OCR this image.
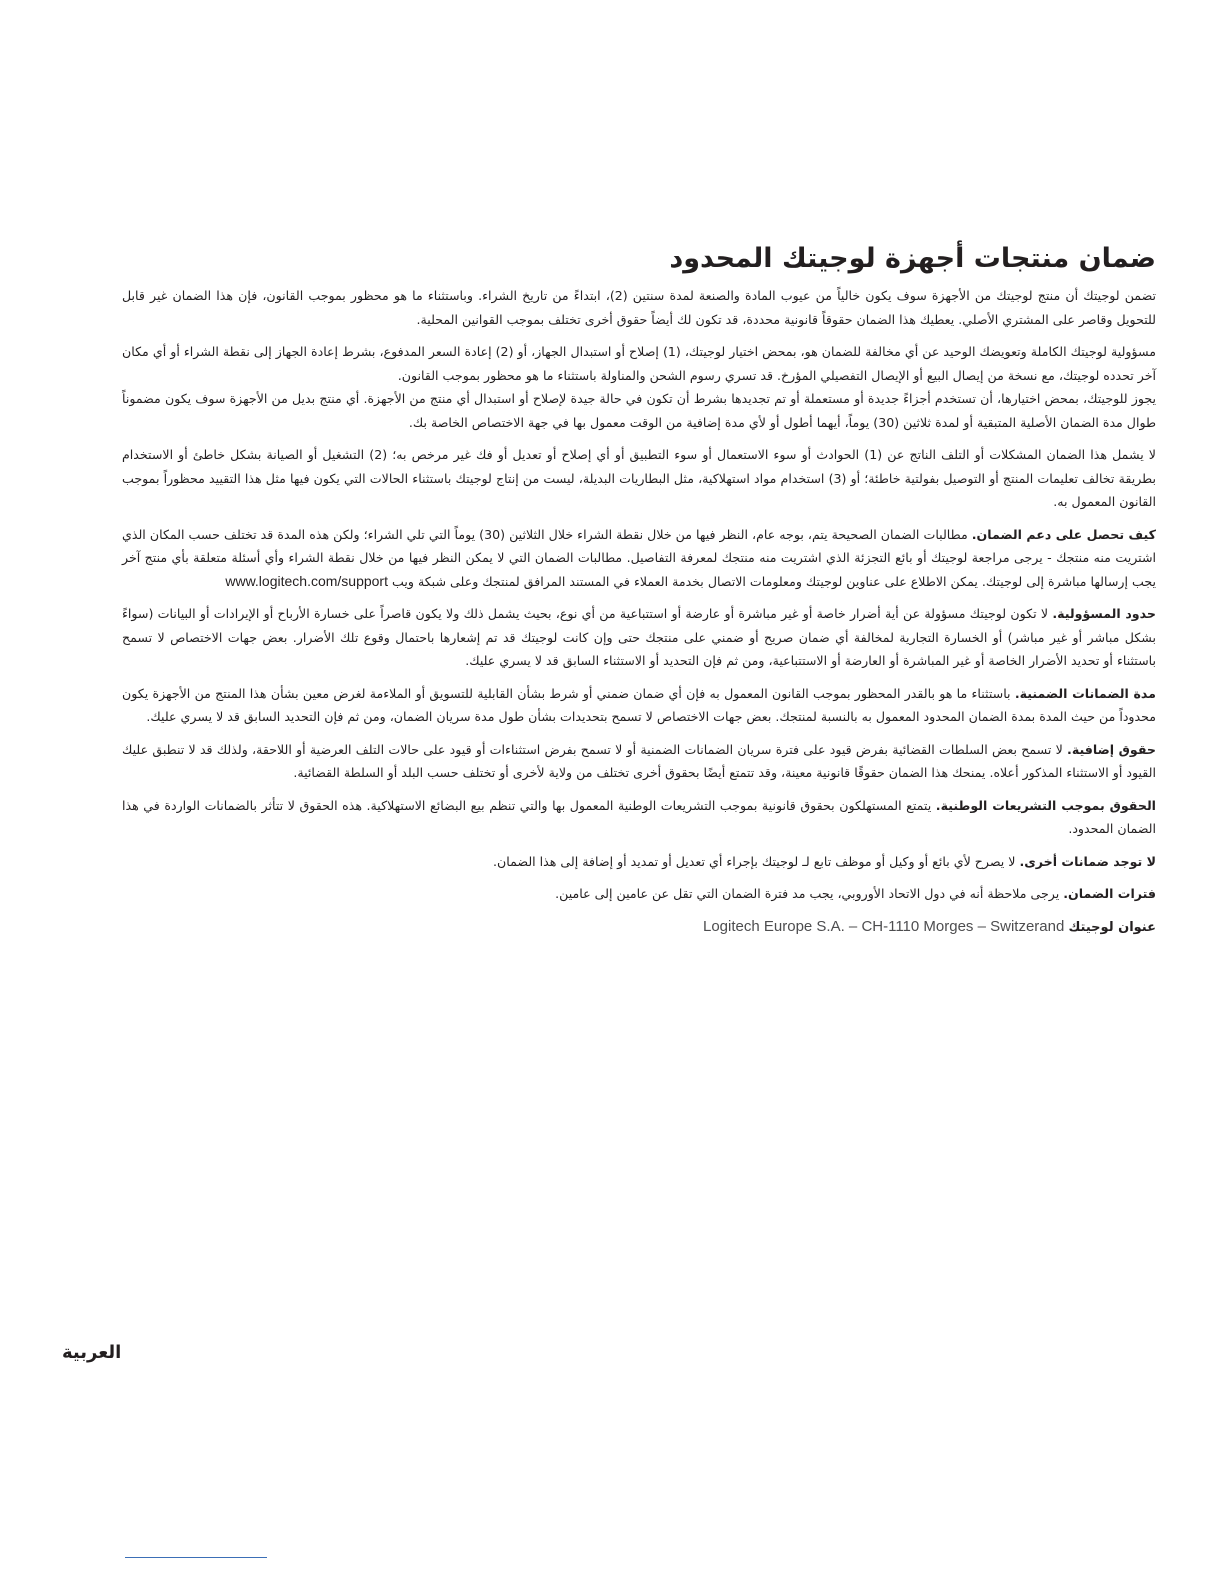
ضمان منتجات أجهزة لوجيتك المحدود

تضمن لوجيتك أن منتج لوجيتك من الأجهزة سوف يكون خالياً من عيوب المادة والصنعة لمدة سنتين (2)، ابتداءً من تاريخ الشراء. وباستثناء ما هو محظور بموجب القانون، فإن هذا الضمان غير قابل للتحويل وقاصر على المشتري الأصلي. يعطيك هذا الضمان حقوقاً قانونية محددة، قد تكون لك أيضاً حقوق أخرى تختلف بموجب القوانين المحلية.

مسؤولية لوجيتك الكاملة وتعويضك الوحيد عن أي مخالفة للضمان هو، بمحض اختيار لوجيتك، (1) إصلاح أو استبدال الجهاز، أو (2) إعادة السعر المدفوع، بشرط إعادة الجهاز إلى نقطة الشراء أو أي مكان آخر تحدده لوجيتك، مع نسخة من إيصال البيع أو الإيصال التفصيلي المؤرخ. قد تسري رسوم الشحن والمناولة باستثناء ما هو محظور بموجب القانون.

يجوز للوجيتك، بمحض اختيارها، أن تستخدم أجزاءً جديدة أو مستعملة أو تم تجديدها بشرط أن تكون في حالة جيدة لإصلاح أو استبدال أي منتج من الأجهزة. أي منتج بديل من الأجهزة سوف يكون مضموناً طوال مدة الضمان الأصلية المتبقية أو لمدة ثلاثين (30) يوماً، أيهما أطول أو لأي مدة إضافية من الوقت معمول بها في جهة الاختصاص الخاصة بك.

لا يشمل هذا الضمان المشكلات أو التلف الناتج عن (1) الحوادث أو سوء الاستعمال أو سوء التطبيق أو أي إصلاح أو تعديل أو فك غير مرخص به؛ (2) التشغيل أو الصيانة بشكل خاطئ أو الاستخدام بطريقة تخالف تعليمات المنتج أو التوصيل بفولتية خاطئة؛ أو (3) استخدام مواد استهلاكية، مثل البطاريات البديلة، ليست من إنتاج لوجيتك باستثناء الحالات التي يكون فيها مثل هذا التقييد محظوراً بموجب القانون المعمول به.

كيف تحصل على دعم الضمان. مطالبات الضمان الصحيحة يتم، بوجه عام، النظر فيها من خلال نقطة الشراء خلال الثلاثين (30) يوماً التي تلي الشراء؛ ولكن هذه المدة قد تختلف حسب المكان الذي اشتريت منه منتجك - يرجى مراجعة لوجيتك أو بائع التجزئة الذي اشتريت منه منتجك لمعرفة التفاصيل. مطالبات الضمان التي لا يمكن النظر فيها من خلال نقطة الشراء وأي أسئلة متعلقة بأي منتج آخر يجب إرسالها مباشرة إلى لوجيتك. يمكن الاطلاع على عناوين لوجيتك ومعلومات الاتصال بخدمة العملاء في المستند المرافق لمنتجك وعلى شبكة ويب www.logitech.com/support

حدود المسؤولية. لا تكون لوجيتك مسؤولة عن أية أضرار خاصة أو غير مباشرة أو عارضة أو استتباعية من أي نوع، بحيث يشمل ذلك ولا يكون قاصراً على خسارة الأرباح أو الإيرادات أو البيانات (سواءً بشكل مباشر أو غير مباشر) أو الخسارة التجارية لمخالفة أي ضمان صريح أو ضمني على منتجك حتى وإن كانت لوجيتك قد تم إشعارها باحتمال وقوع تلك الأضرار. بعض جهات الاختصاص لا تسمح باستثناء أو تحديد الأضرار الخاصة أو غير المباشرة أو العارضة أو الاستتباعية، ومن ثم فإن التحديد أو الاستثناء السابق قد لا يسري عليك.

مدة الضمانات الضمنية. باستثناء ما هو بالقدر المحظور بموجب القانون المعمول به فإن أي ضمان ضمني أو شرط بشأن القابلية للتسويق أو الملاءمة لغرض معين بشأن هذا المنتج من الأجهزة يكون محدوداً من حيث المدة بمدة الضمان المحدود المعمول به بالنسبة لمنتجك. بعض جهات الاختصاص لا تسمح بتحديدات بشأن طول مدة سريان الضمان، ومن ثم فإن التحديد السابق قد لا يسري عليك.

حقوق إضافية. لا تسمح بعض السلطات القضائية بفرض قيود على فترة سريان الضمانات الضمنية أو لا تسمح بفرض استثناءات أو قيود على حالات التلف العرضية أو اللاحقة، ولذلك قد لا تنطبق عليك القيود أو الاستثناء المذكور أعلاه. يمنحك هذا الضمان حقوقًا قانونية معينة، وقد تتمتع أيضًا بحقوق أخرى تختلف من ولاية لأخرى أو تختلف حسب البلد أو السلطة القضائية.

الحقوق بموجب التشريعات الوطنية. يتمتع المستهلكون بحقوق قانونية بموجب التشريعات الوطنية المعمول بها والتي تنظم بيع البضائع الاستهلاكية. هذه الحقوق لا تتأثر بالضمانات الواردة في هذا الضمان المحدود.

لا توجد ضمانات أخرى. لا يصرح لأي بائع أو وكيل أو موظف تابع لـ لوجيتك بإجراء أي تعديل أو تمديد أو إضافة إلى هذا الضمان.

فترات الضمان. يرجى ملاحظة أنه في دول الاتحاد الأوروبي، يجب مد فترة الضمان التي تقل عن عامين إلى عامين.

عنوان لوجيتك Logitech Europe S.A. – CH-1110 Morges – Switzerand

العربية
